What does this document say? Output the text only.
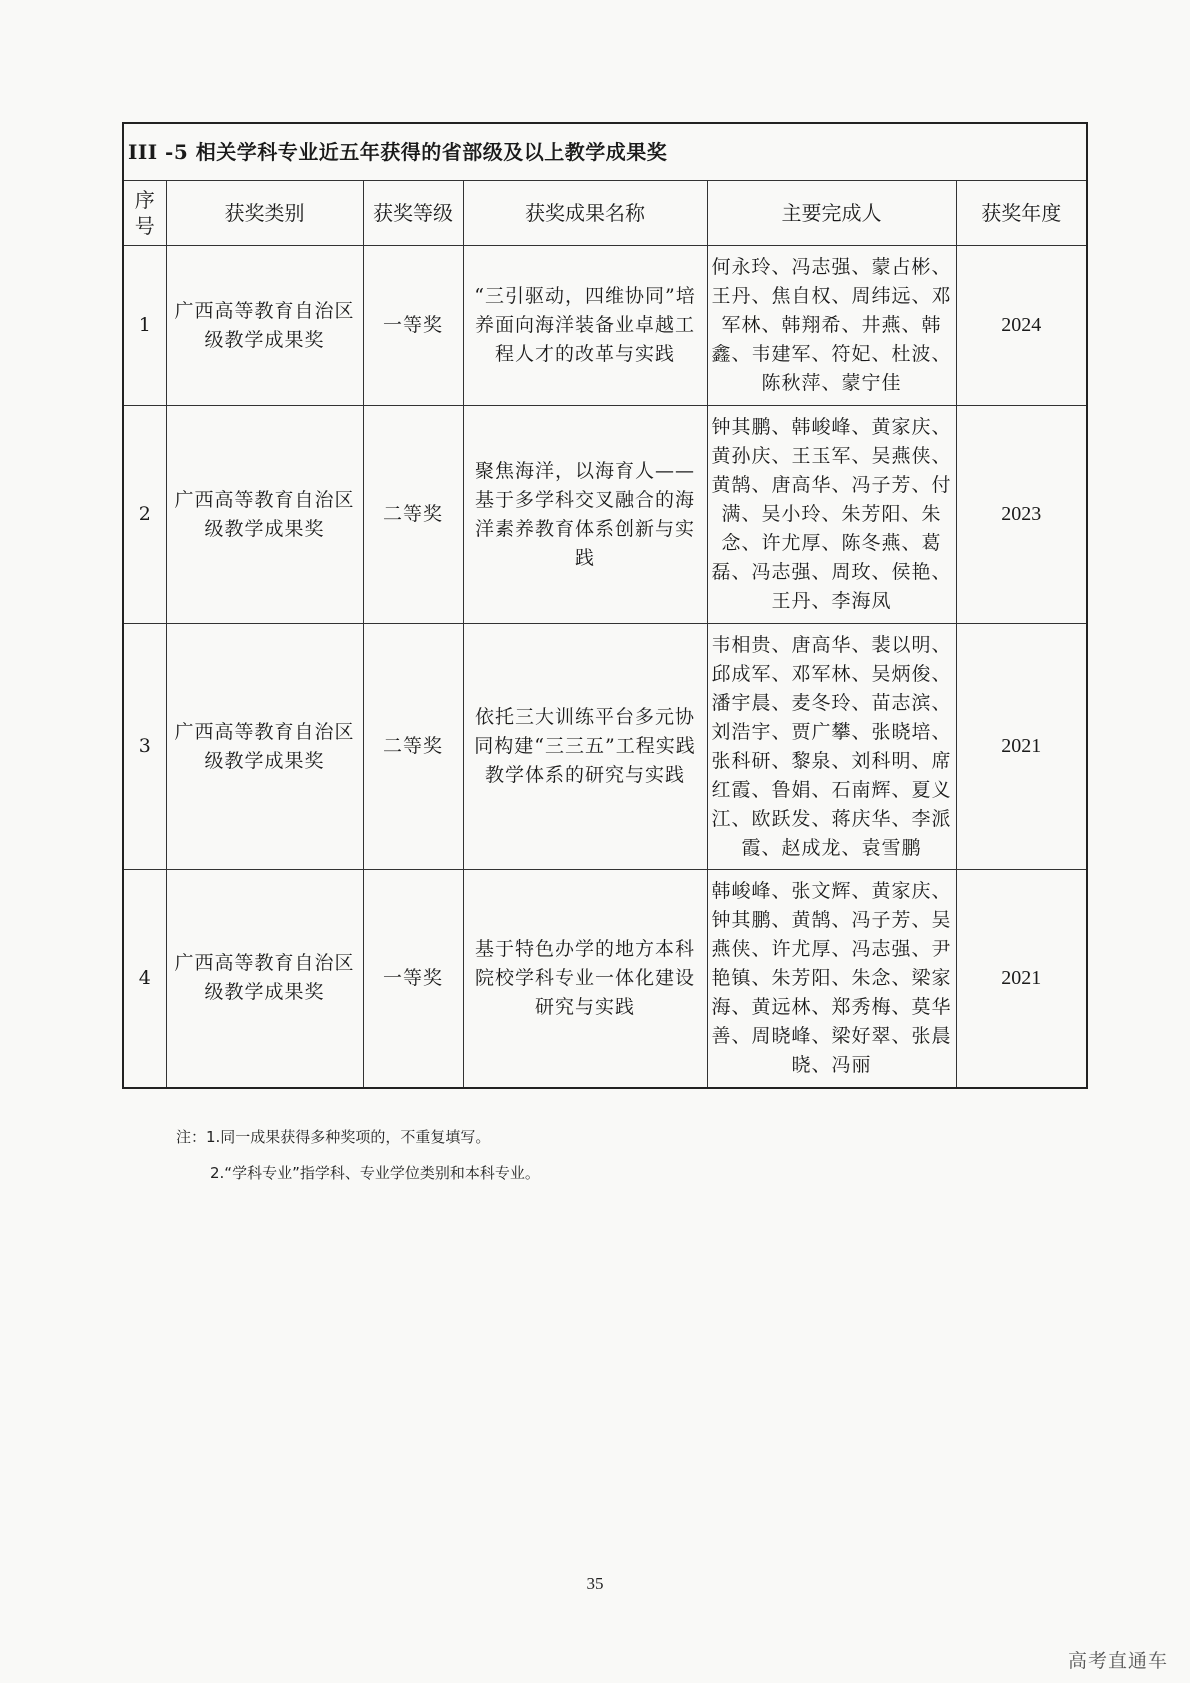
III -5 相关学科专业近五年获得的省部级及以上教学成果奖					
序号	获奖类别	获奖等级	获奖成果名称	主要完成人	获奖年度
1	广西高等教育自治区级教学成果奖	一等奖	“三引驱动，四维协同”培养面向海洋装备业卓越工程人才的改革与实践	何永玲、冯志强、蒙占彬、王丹、焦自权、周纬远、邓军林、韩翔希、井燕、韩鑫、韦建军、符妃、杜波、陈秋萍、蒙宁佳	2024
2	广西高等教育自治区级教学成果奖	二等奖	聚焦海洋，以海育人——基于多学科交叉融合的海洋素养教育体系创新与实践	钟其鹏、韩峻峰、黄家庆、黄孙庆、王玉军、吴燕侠、黄鹄、唐高华、冯子芳、付满、吴小玲、朱芳阳、朱念、许尤厚、陈冬燕、葛磊、冯志强、周玫、侯艳、王丹、李海凤	2023
3	广西高等教育自治区级教学成果奖	二等奖	依托三大训练平台多元协同构建“三三五”工程实践教学体系的研究与实践	韦相贵、唐高华、裴以明、邱成军、邓军林、吴炳俊、潘宇晨、麦冬玲、苗志滨、刘浩宇、贾广攀、张晓培、张科研、黎泉、刘科明、席红霞、鲁娟、石南辉、夏义江、欧跃发、蒋庆华、李派霞、赵成龙、袁雪鹏	2021
4	广西高等教育自治区级教学成果奖	一等奖	基于特色办学的地方本科院校学科专业一体化建设研究与实践	韩峻峰、张文辉、黄家庆、钟其鹏、黄鹄、冯子芳、吴燕侠、许尤厚、冯志强、尹艳镇、朱芳阳、朱念、梁家海、黄远林、郑秀梅、莫华善、周晓峰、梁好翠、张晨晓、冯丽	2021
注：1.同一成果获得多种奖项的，不重复填写。
2.“学科专业”指学科、专业学位类别和本科专业。
35
高考直通车
